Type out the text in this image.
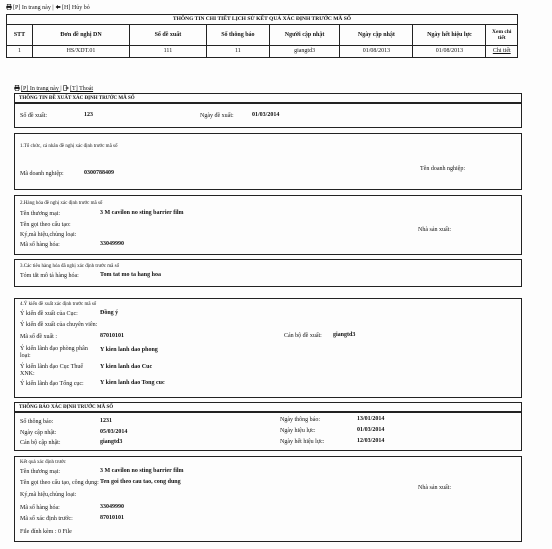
[P] In trang này | [H] Hủy bỏ
THÔNG TIN CHI TIẾT LỊCH SỬ KẾT QUẢ XÁC ĐỊNH TRƯỚC MÃ SỐ							
STT	Đơn đề nghị DN	Số đề xuất	Số thông báo	Người cập nhật	Ngày cập nhật	Ngày hết hiệu lực	Xem chi tiết
1	HS/XDT.01	111	11	giangtd3	01/08/2013	01/08/2013	Chi tiết
[P] In trang này | [T] Thoát
THÔNG TIN ĐỀ XUẤT XÁC ĐỊNH TRƯỚC MÃ SỐ
Số đề xuất:	123	Ngày đề xuất:	01/03/2014
1.Tổ chức, cá nhân đề nghị xác định trước mã số
Mã doanh nghiệp:	0300788409
Tên doanh nghiệp:
2.Hàng hóa đề nghị xác định trước mã số
Tên thương mại:	3 M cavilon no sting barrier film
Tên gọi theo cấu tạo:
Ký,mã hiệu,chủng loại:
Mã số hàng hóa:	33049990
Nhà sản xuất:
3.Các tiêu hàng hóa đã nghị xác định trước mã số
Tóm tắt mô tả hàng hóa:	Tom tat mo ta hang hoa
4.Ý kiến đề xuất xác định trước mã số
Ý kiến đề xuất của Cục:	Đồng ý
Ý kiến đề xuất của chuyên viên:
Mã số đề xuất :	87010101	Cán bộ đề xuất: giangtd3
Ý kiến lãnh đạo phòng phân loại:
Y kien lanh dao phong
Ý kiến lãnh đạo Cục Thuế XNK:
Y kien lanh dao Cuc
Ý kiến lãnh đạo Tổng cục:	Y kien lanh dao Tong cuc
THÔNG BÁO XÁC ĐỊNH TRƯỚC MÃ SỐ
Số thông báo:	1231
Ngày cập nhật:	05/03/2014
Cán bộ cập nhật:	giangtd3
Ngày thông báo:	13/01/2014
Ngày hiệu lực:	01/03/2014
Ngày hết hiệu lực:	12/03/2014
Kết quả xác định trước
Tên thương mại:	3 M cavilon no sting barrier film
Tên gọi theo cấu tạo, công dụng: Ten goi theo cau tao, cong dung
Ký,mã hiệu,chủng loại:
Mã số hàng hóa:	33049990
Mã số xác định trước:	87010101
Nhà sản xuất:
File đính kèm : 0 File
